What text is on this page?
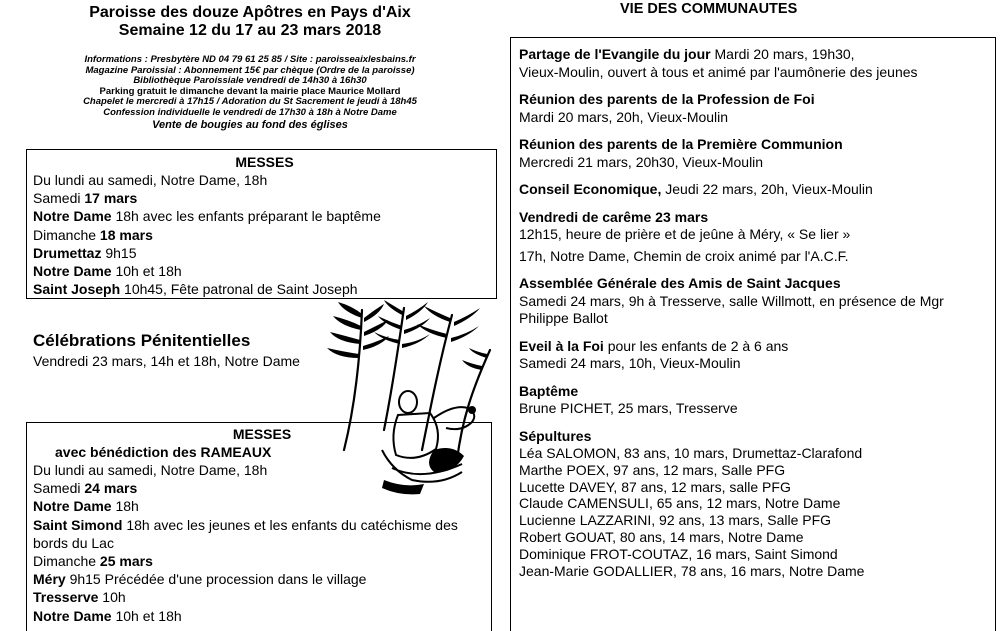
Paroisse des douze Apôtres en Pays d'Aix
Semaine 12 du 17 au 23 mars 2018
Informations : Presbytère ND 04 79 61 25 85 / Site : paroisseaixlesbains.fr
Magazine Paroissial : Abonnement 15€ par chèque (Ordre de la paroisse)
Bibliothèque Paroissiale vendredi de 14h30 à 16h30
Parking gratuit le dimanche devant la mairie place Maurice Mollard
Chapelet le mercredi à 17h15 / Adoration du St Sacrement le jeudi à 18h45
Confession individuelle le vendredi de 17h30 à 18h à Notre Dame
Vente de bougies au fond des églises
MESSES
Du lundi au samedi, Notre Dame, 18h
Samedi 17 mars
Notre Dame 18h avec les enfants préparant le baptême
Dimanche 18 mars
Drumettaz 9h15
Notre Dame 10h et 18h
Saint Joseph 10h45, Fête patronal de Saint Joseph
Célébrations Pénitentielles
Vendredi 23 mars, 14h et 18h, Notre Dame
MESSES
avec bénédiction des RAMEAUX
Du lundi au samedi, Notre Dame, 18h
Samedi 24 mars
Notre Dame 18h
Saint Simond 18h avec les jeunes et les enfants du catéchisme des bords du Lac
Dimanche 25 mars
Méry 9h15 Précédée d'une procession dans le village
Tresserve 10h
Notre Dame 10h et 18h
VIE DES COMMUNAUTES
Partage de l'Evangile du jour Mardi 20 mars, 19h30,
Vieux-Moulin, ouvert à tous et animé par l'aumônerie des jeunes
Réunion des parents de la Profession de Foi
Mardi 20 mars, 20h, Vieux-Moulin
Réunion des parents de la Première Communion
Mercredi 21 mars, 20h30, Vieux-Moulin
Conseil Economique, Jeudi 22 mars, 20h, Vieux-Moulin
Vendredi de carême 23 mars
12h15, heure de prière et de jeûne à Méry, « Se lier »
17h, Notre Dame, Chemin de croix animé par l'A.C.F.
Assemblée Générale des Amis de Saint Jacques
Samedi 24 mars, 9h à Tresserve, salle Willmott, en présence de Mgr Philippe Ballot
Eveil à la Foi pour les enfants de 2 à 6 ans
Samedi 24 mars, 10h, Vieux-Moulin
Baptême
Brune PICHET, 25 mars, Tresserve
Sépultures
Léa SALOMON, 83 ans, 10 mars, Drumettaz-Clarafond
Marthe POEX, 97 ans, 12 mars, Salle PFG
Lucette DAVEY, 87 ans, 12 mars, salle PFG
Claude CAMENSULI, 65 ans, 12 mars, Notre Dame
Lucienne LAZZARINI, 92 ans, 13 mars, Salle PFG
Robert GOUAT, 80 ans, 14 mars, Notre Dame
Dominique FROT-COUTAZ, 16 mars, Saint Simond
Jean-Marie GODALLIER, 78 ans, 16 mars, Notre Dame
